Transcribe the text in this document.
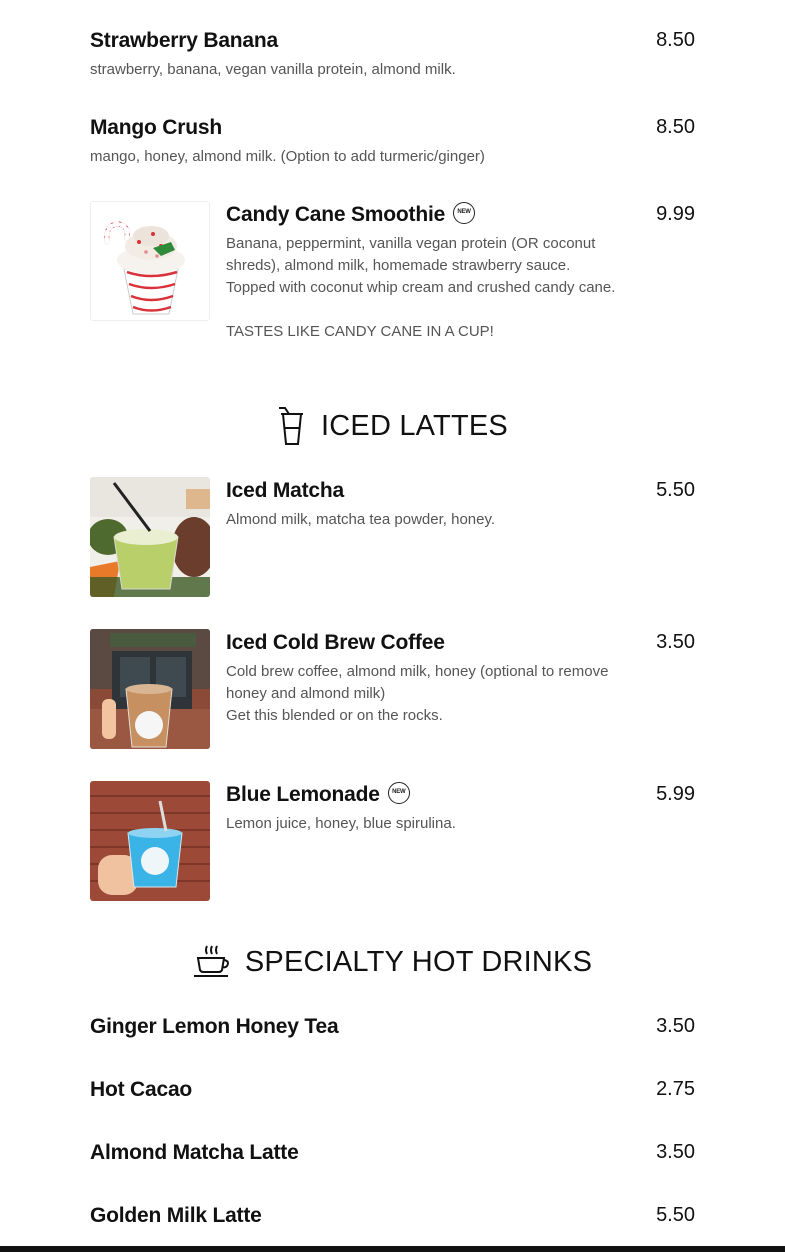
Strawberry Banana	8.50
strawberry, banana, vegan vanilla protein, almond milk.
Mango Crush	8.50
mango, honey, almond milk. (Option to add turmeric/ginger)
Candy Cane Smoothie NEW	9.99
Banana, peppermint, vanilla vegan protein (OR coconut shreds), almond milk, homemade strawberry sauce.
Topped with coconut whip cream and crushed candy cane.

TASTES LIKE CANDY CANE IN A CUP!
ICED LATTES
Iced Matcha	5.50
Almond milk, matcha tea powder, honey.
Iced Cold Brew Coffee	3.50
Cold brew coffee, almond milk, honey (optional to remove honey and almond milk)
Get this blended or on the rocks.
Blue Lemonade NEW	5.99
Lemon juice, honey, blue spirulina.
SPECIALTY HOT DRINKS
Ginger Lemon Honey Tea	3.50
Hot Cacao	2.75
Almond Matcha Latte	3.50
Golden Milk Latte	5.50
